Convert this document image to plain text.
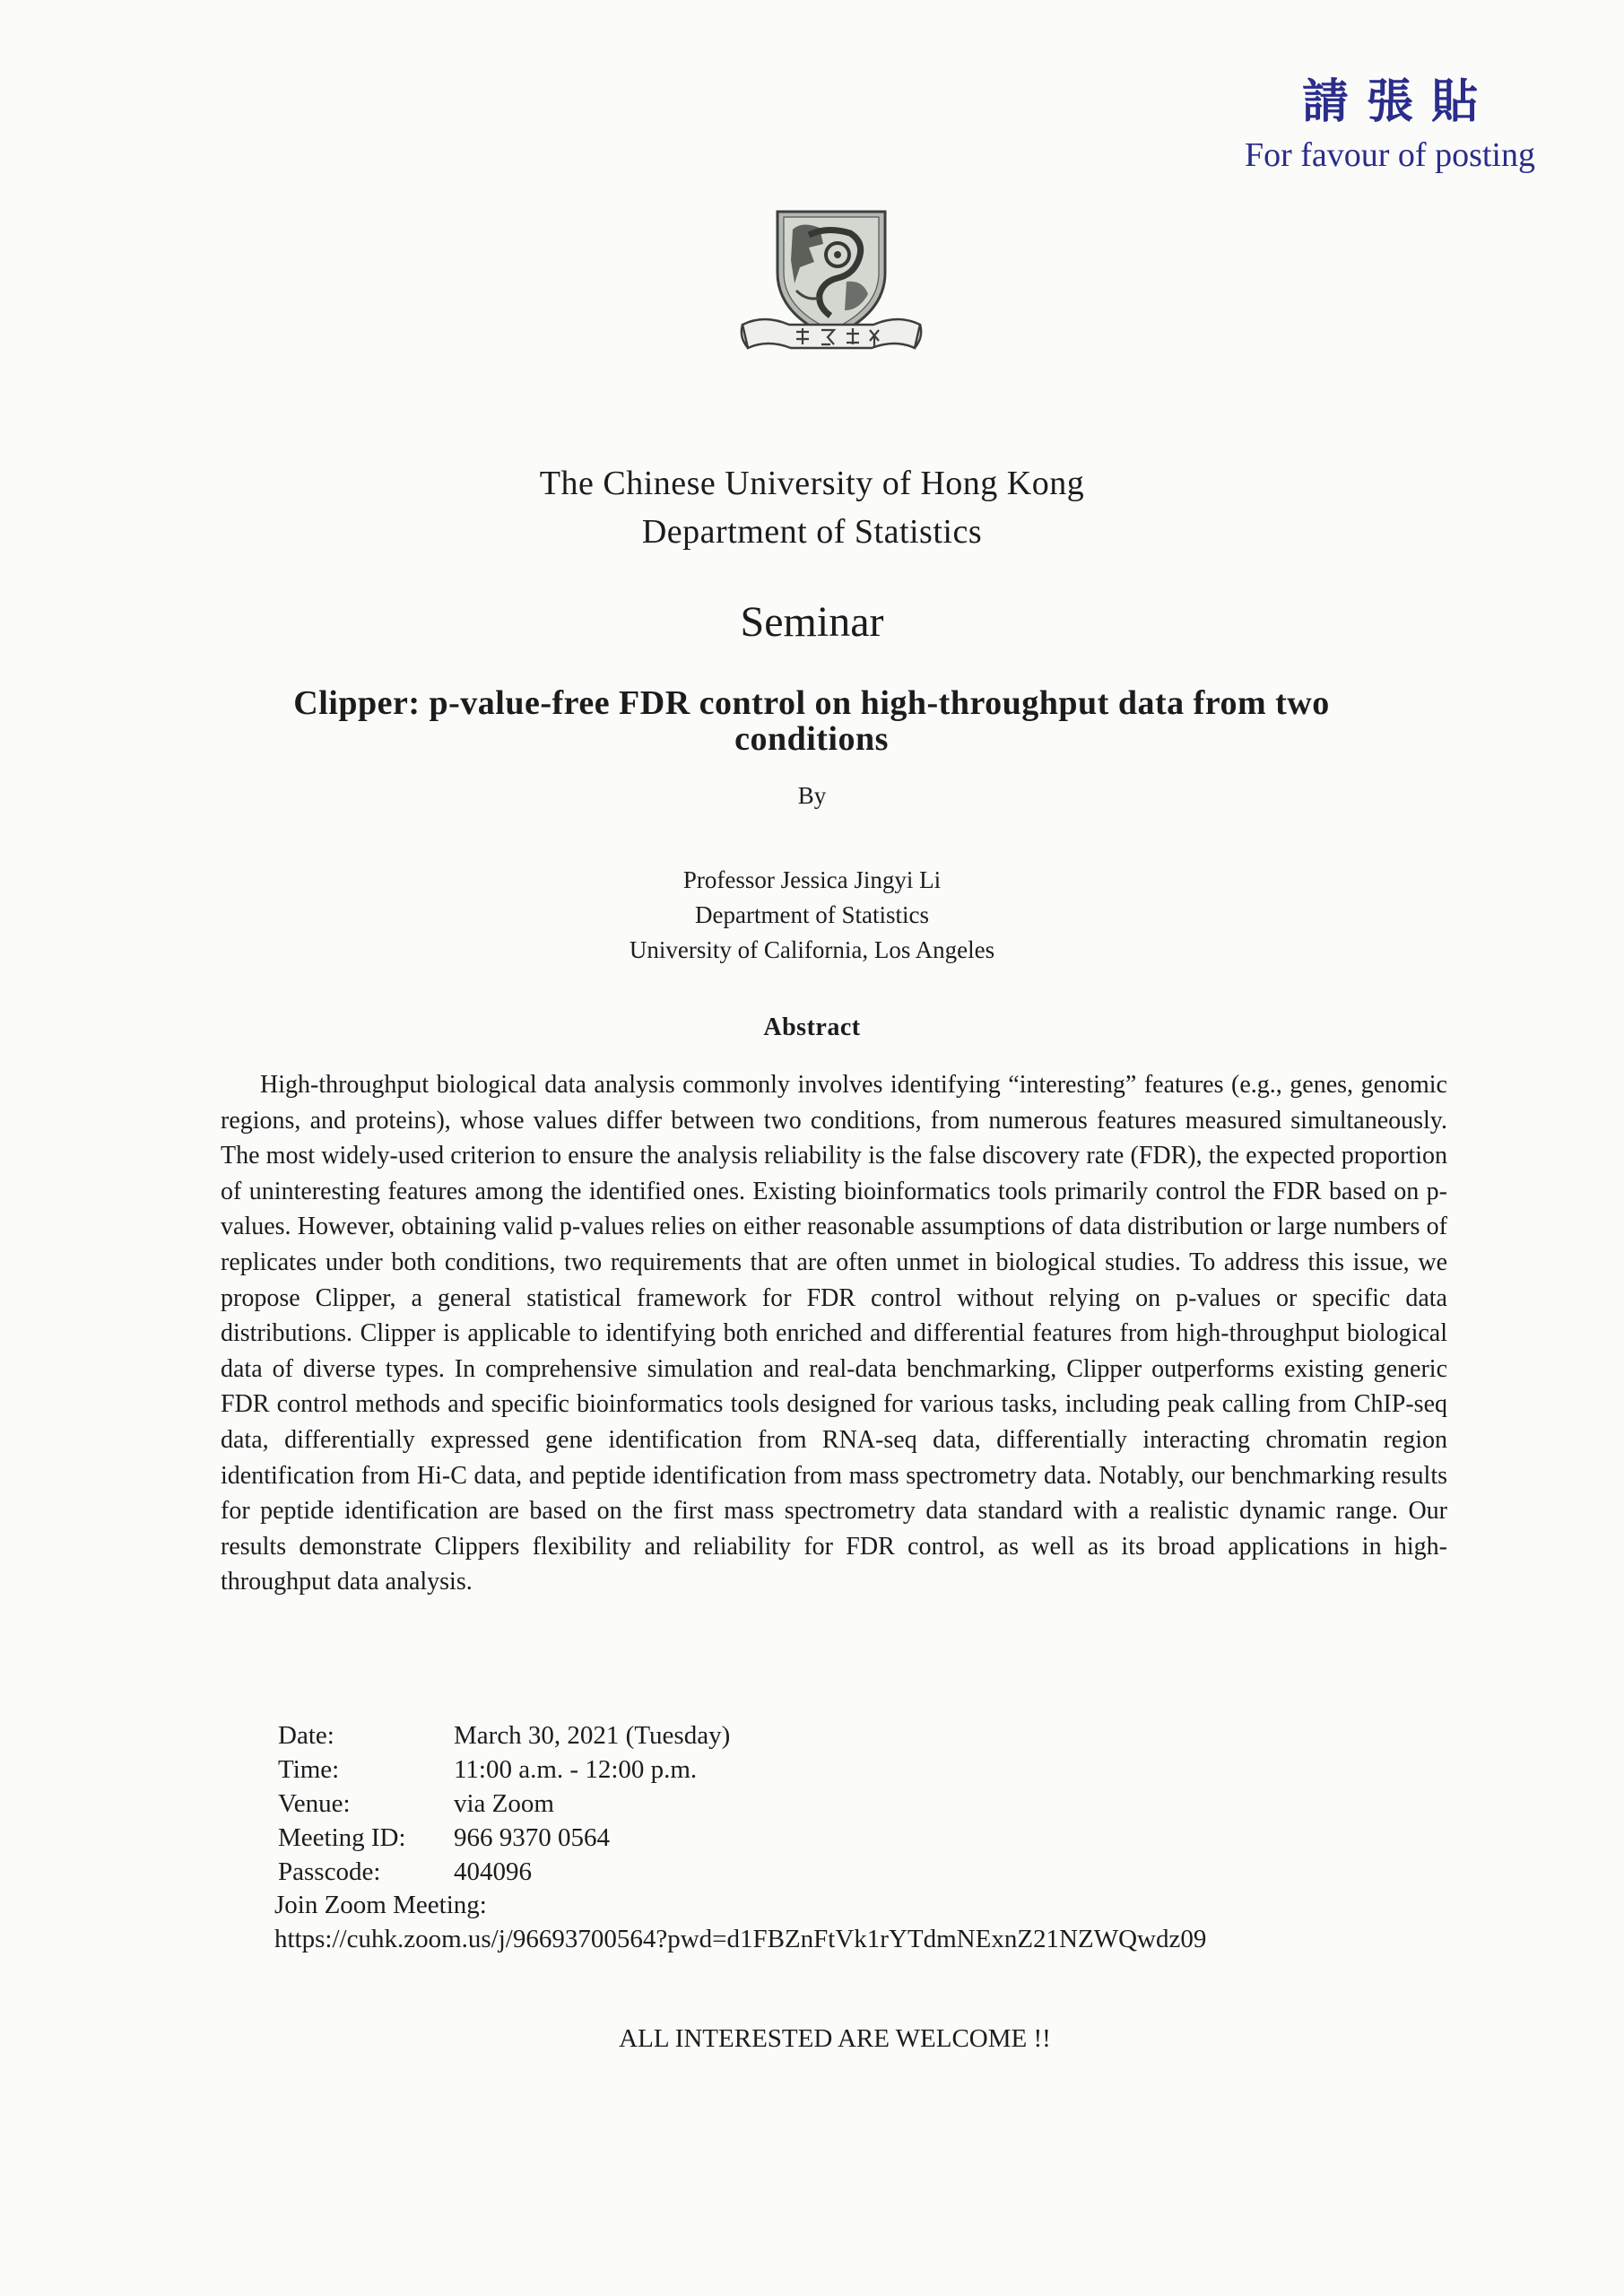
請張貼
For favour of posting
The Chinese University of Hong Kong
Department of Statistics
Seminar
Clipper: p-value-free FDR control on high-throughput data from two conditions
By
Professor Jessica Jingyi Li
Department of Statistics
University of California, Los Angeles
Abstract
High-throughput biological data analysis commonly involves identifying “interesting” features (e.g., genes, genomic regions, and proteins), whose values differ between two conditions, from numerous features measured simultaneously. The most widely-used criterion to ensure the analysis reliability is the false discovery rate (FDR), the expected proportion of uninteresting features among the identified ones. Existing bioinformatics tools primarily control the FDR based on p-values. However, obtaining valid p-values relies on either reasonable assumptions of data distribution or large numbers of replicates under both conditions, two requirements that are often unmet in biological studies. To address this issue, we propose Clipper, a general statistical framework for FDR control without relying on p-values or specific data distributions. Clipper is applicable to identifying both enriched and differential features from high-throughput biological data of diverse types. In comprehensive simulation and real-data benchmarking, Clipper outperforms existing generic FDR control methods and specific bioinformatics tools designed for various tasks, including peak calling from ChIP-seq data, differentially expressed gene identification from RNA-seq data, differentially interacting chromatin region identification from Hi-C data, and peptide identification from mass spectrometry data. Notably, our benchmarking results for peptide identification are based on the first mass spectrometry data standard with a realistic dynamic range. Our results demonstrate Clippers flexibility and reliability for FDR control, as well as its broad applications in high-throughput data analysis.
Date:	March 30, 2021 (Tuesday)
Time:	11:00 a.m. - 12:00 p.m.
Venue:	via Zoom
Meeting ID:	966 9370 0564
Passcode:	404096
Join Zoom Meeting:
https://cuhk.zoom.us/j/96693700564?pwd=d1FBZnFtVk1rYTdmNExnZ21NZWQwdz09
ALL INTERESTED ARE WELCOME !!
